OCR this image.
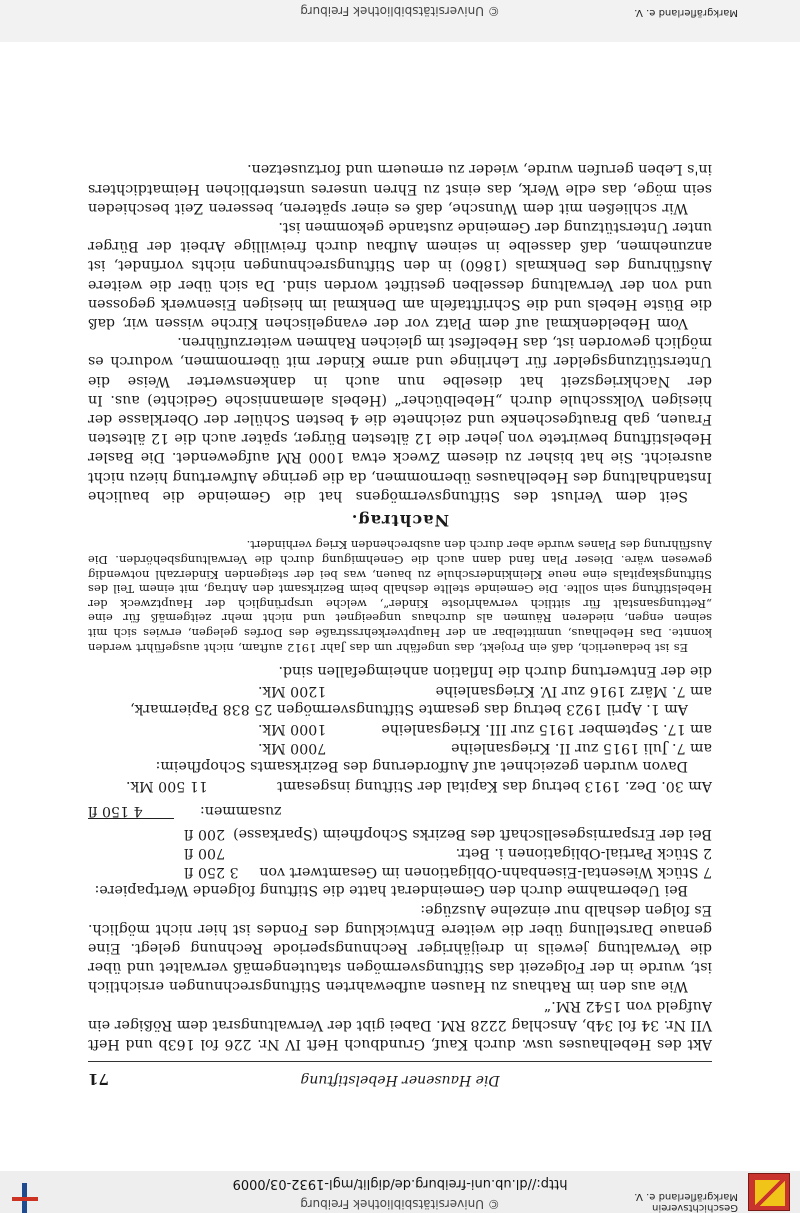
Geschichtsverein
Markgräflerland e. V.
© Universitätsbibliothek Freiburg
http://dl.ub.uni-freiburg.de/diglit/mgl-1932-03/0009
Die Hausener Hebelstiftung
71

Akt des Hebelhauses usw. durch Kauf, Grundbuch Heft IV Nr. 226 fol 163b und Heft VII Nr. 34 fol 34b, Anschlag 2228 RM. Dabei gibt der Verwaltungsrat dem Rößiger ein Aufgeld von 1542 RM.“

Wie aus den im Rathaus zu Hausen aufbewahrten Stiftungsrechnungen ersichtlich ist, wurde in der Folgezeit das Stiftungsvermögen statutengemäß verwaltet und über die Verwaltung jeweils in dreijähriger Rechnungsperiode Rechnung gelegt. Eine genaue Darstellung über die weitere Entwicklung des Fondes ist hier nicht möglich. Es folgen deshalb nur einzelne Auszüge:

Bei Uebernahme durch den Gemeinderat hatte die Stiftung folgende Wertpapiere:

7 Stück Wiesental-Eisenbahn-Obligationen im Gesamtwert von
3 250 fl
2 Stück Partial-Obligationen i. Betr.
700 fl
Bei der Ersparnisgesellschaft des Bezirks Schopfheim (Sparkasse)
200 fl
zusammen:
4 150 fl
Am 30. Dez. 1913 betrug das Kapital der Stiftung insgesamt
11 500 Mk.

Davon wurden gezeichnet auf Aufforderung des Bezirksamts Schopfheim:

am 7. Juli 1915 zur II. Kriegsanleihe
7000 Mk.
am 17. September 1915 zur III. Kriegsanleihe
1000 Mk.

Am 1. April 1923 betrug das gesamte Stiftungsvermögen 25 838 Papiermark,

am 7. März 1916 zur IV. Kriegsanleihe
1200 Mk.

die der Entwertung durch die Inflation anheimgefallen sind.

Es ist bedauerlich, daß ein Projekt, das ungefähr um das Jahr 1912 auftam, nicht ausgeführt werden konnte. Das Hebelhaus, unmittelbar an der Hauptverkehrsstraße des Dorfes gelegen, erwies sich mit seinen engen, niederen Räumen als durchaus ungeeignet und nicht mehr zeitgemäß für eine „Rettungsanstalt für sittlich verwahrloste Kinder“, welche ursprünglich der Hauptzweck der Hebelstiftung sein sollte. Die Gemeinde stellte deshalb beim Bezirksamt den Antrag, mit einem Teil des Stiftungskapitals eine neue Kleinkinderschule zu bauen, was bei der steigenden Kinderzahl notwendig gewesen wäre. Dieser Plan fand dann auch die Genehmigung durch die Verwaltungsbehörden. Die Ausführung des Planes wurde aber durch den ausbrechenden Krieg verhindert.

Nachtrag.

Seit dem Verlust des Stiftungsvermögens hat die Gemeinde die bauliche Instandhaltung des Hebelhauses übernommen, da die geringe Aufwertung hiezu nicht ausreicht. Sie hat bisher zu diesem Zweck etwa 1000 RM aufgewendet. Die Basler Hebelstiftung bewirtete von jeher die 12 ältesten Bürger, später auch die 12 ältesten Frauen, gab Brautgeschenke und zeichnete die 4 besten Schüler der Oberklasse der hiesigen Volksschule durch „Hebelbücher“ (Hebels alemannische Gedichte) aus. In der Nachkriegszeit hat dieselbe nun auch in dankenswerter Weise die Unterstützungsgelder für Lehrlinge und arme Kinder mit übernommen, wodurch es möglich geworden ist, das Hebelfest im gleichen Rahmen weiterzuführen.

Vom Hebeldenkmal auf dem Platz vor der evangelischen Kirche wissen wir, daß die Büste Hebels und die Schrifttafeln am Denkmal im hiesigen Eisenwerk gegossen und von der Verwaltung desselben gestiftet worden sind. Da sich über die weitere Ausführung des Denkmals (1860) in den Stiftungsrechnungen nichts vorfindet, ist anzunehmen, daß dasselbe in seinem Aufbau durch freiwillige Arbeit der Bürger unter Unterstützung der Gemeinde zustande gekommen ist.

Wir schließen mit dem Wunsche, daß es einer späteren, besseren Zeit beschieden sein möge, das edle Werk, das einst zu Ehren unseres unsterblichen Heimatdichters in's Leben gerufen wurde, wieder zu erneuern und fortzusetzen.

© Universitätsbibliothek Freiburg	Markgräflerland e. V.
